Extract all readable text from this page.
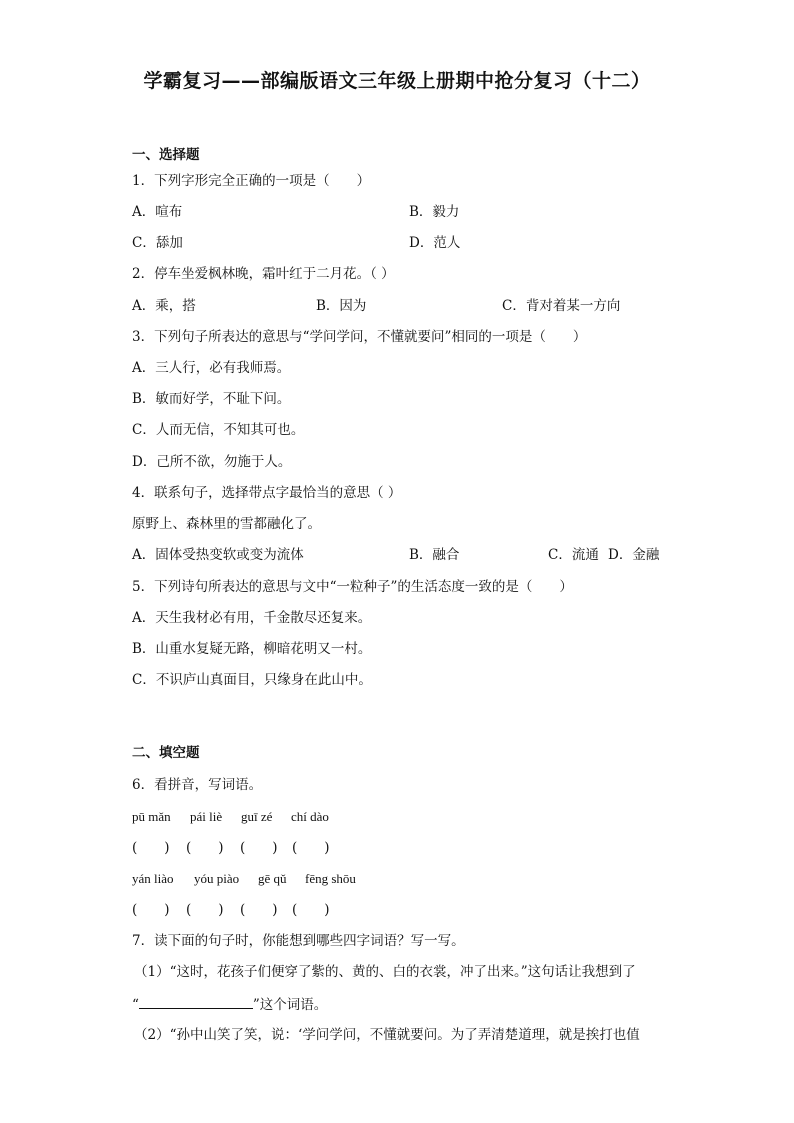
学霸复习——部编版语文三年级上册期中抢分复习（十二）
一、选择题
1．下列字形完全正确的一项是（　　）
A．喧布	B．毅力
C．舔加	D．范人
2．停车坐爱枫林晚，霜叶红于二月花。（ ）
A．乘，搭	B．因为	C．背对着某一方向
3．下列句子所表达的意思与“学问学问，不懂就要问”相同的一项是（　　）
A．三人行，必有我师焉。
B．敏而好学，不耻下问。
C．人而无信，不知其可也。
D．己所不欲，勿施于人。
4．联系句子，选择带点字最恰当的意思（ ）
原野上、森林里的雪都融化了。
A．固体受热变软或变为流体	B．融合	C．流通 D．金融
5．下列诗句所表达的意思与文中“一粒种子”的生活态度一致的是（　　）
A．天生我材必有用，千金散尽还复来。
B．山重水复疑无路，柳暗花明又一村。
C．不识庐山真面目，只缘身在此山中。
二、填空题
6．看拼音，写词语。
pū mǎn pái liè guī zé chí dào
(　　) (　　) (　　) (　　)
yán liào yóu piào gē qǔ fēng shōu
(　　) (　　) (　　) (　　)
7．读下面的句子时，你能想到哪些四字词语？写一写。
（1）“这时，花孩子们便穿了紫的、黄的、白的衣裳，冲了出来。”这句话让我想到了
“	”这个词语。
（2）“孙中山笑了笑，说：‘学问学问，不懂就要问。为了弄清楚道理，就是挨打也值
